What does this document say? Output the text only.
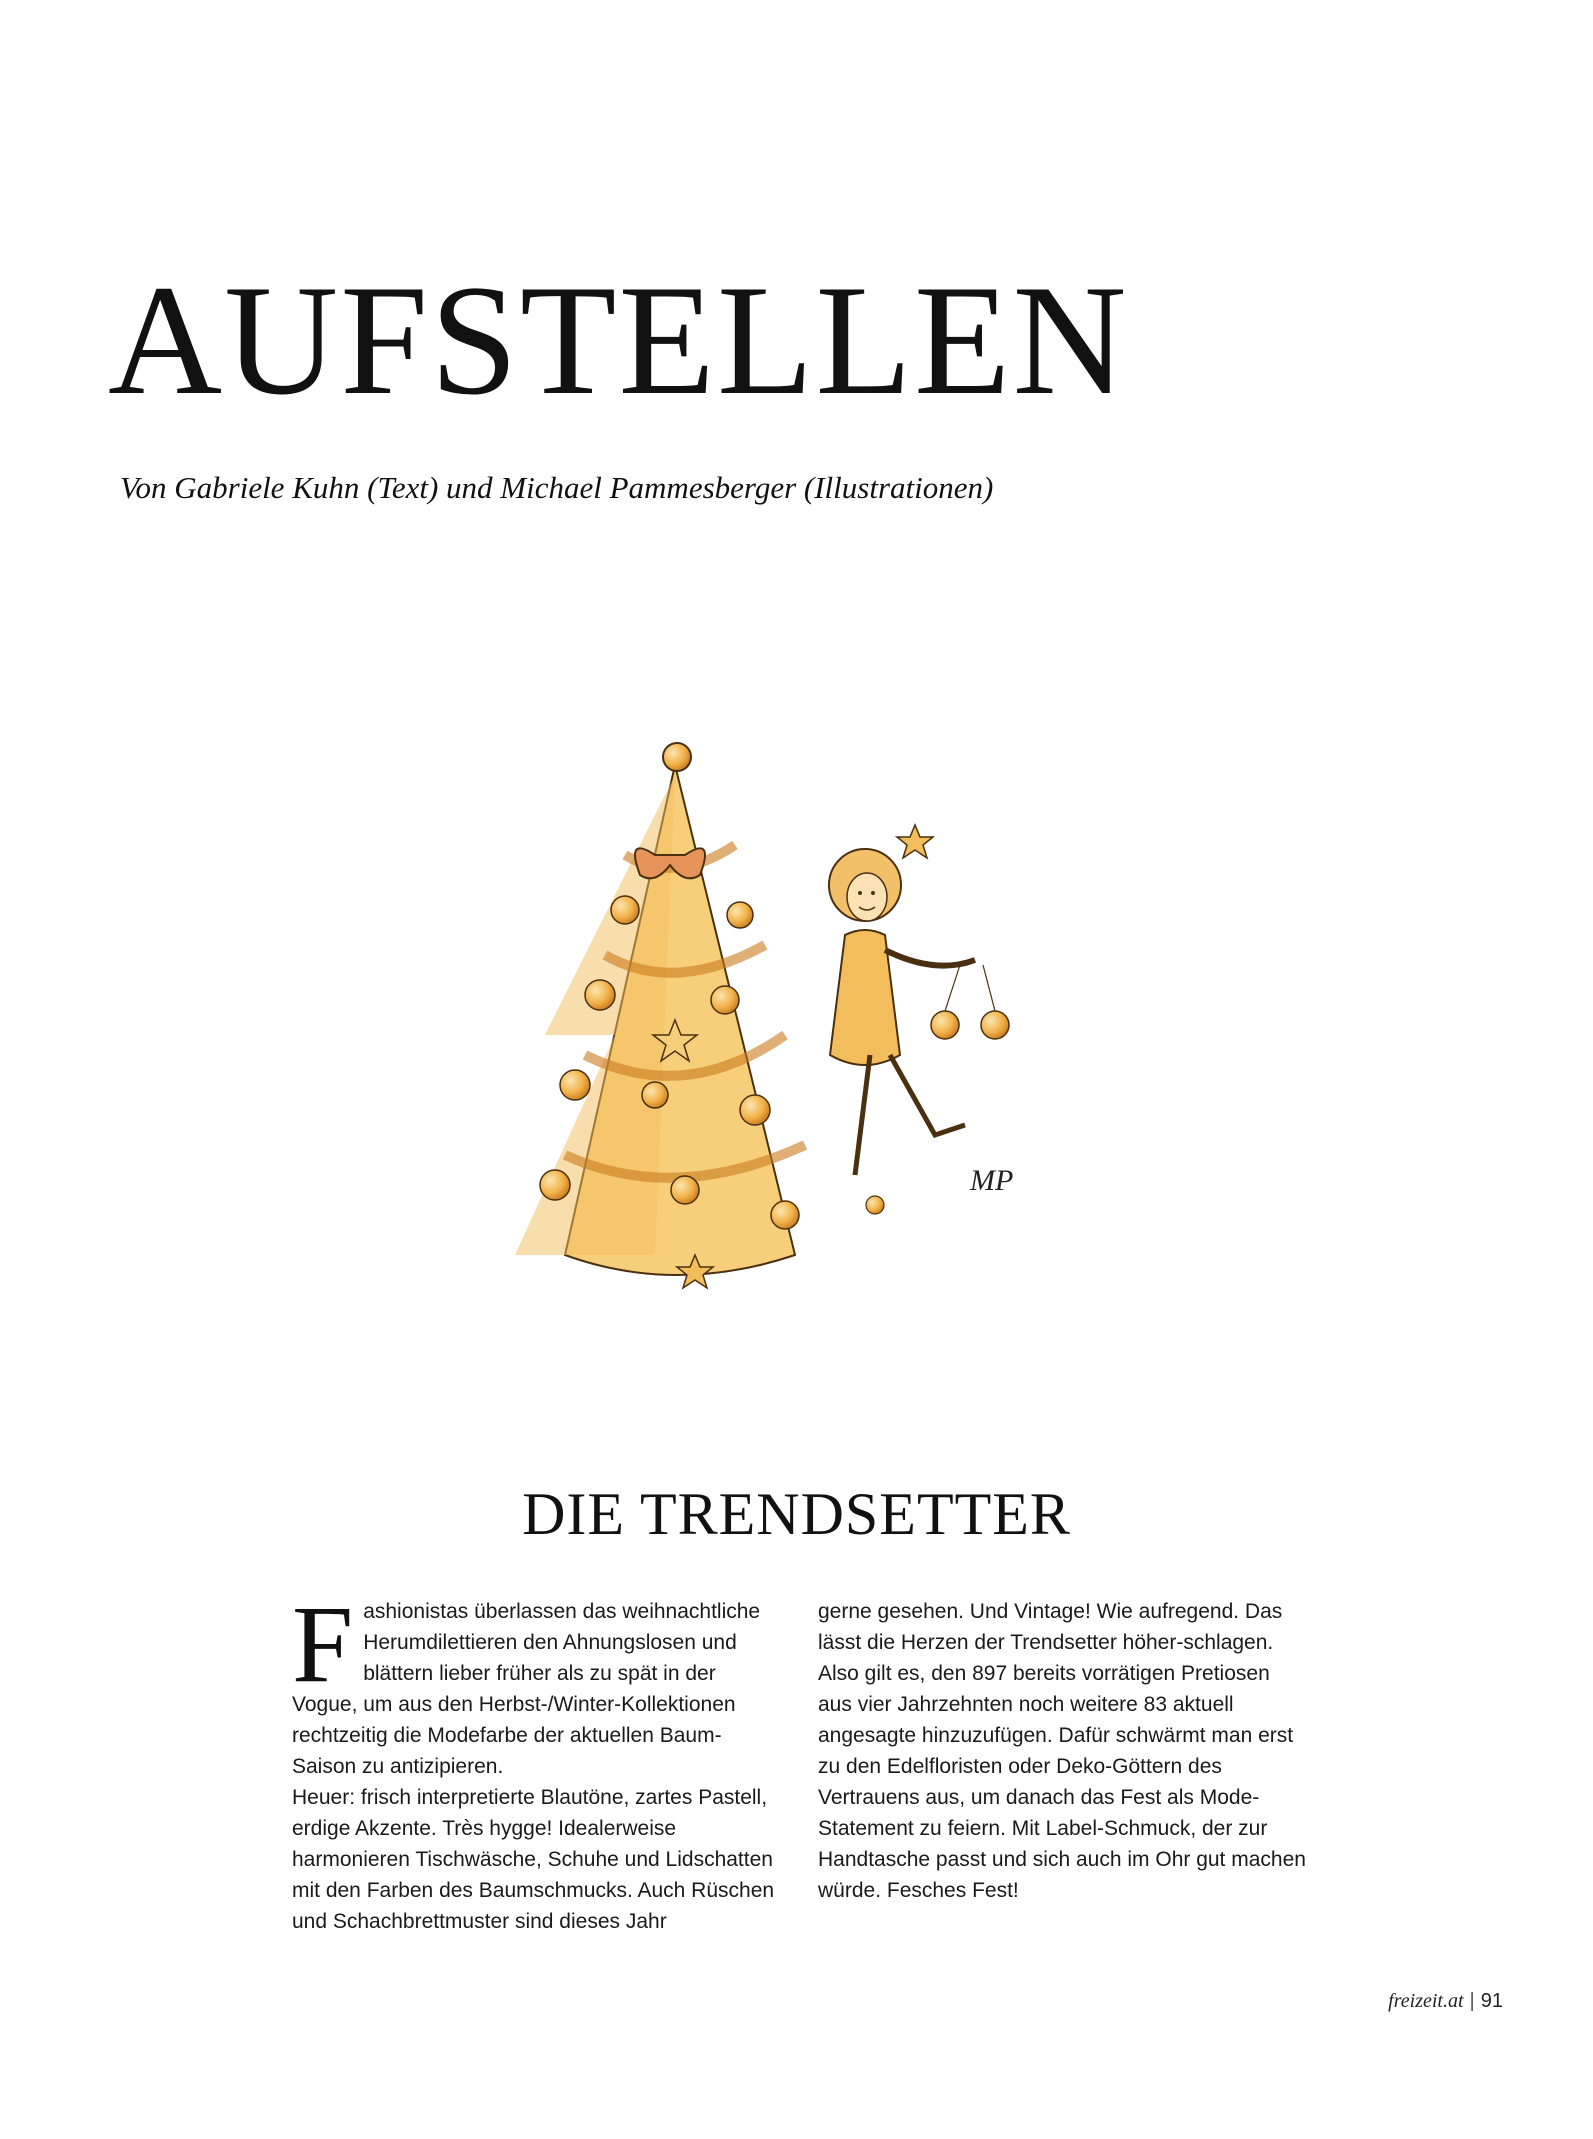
AUFSTELLEN

Von Gabriele Kuhn (Text) und Michael Pammesberger (Illustrationen)

MP
DIE TRENDSETTER

Fashionistas überlassen das weihnachtliche Herumdilettieren den Ahnungslosen und blättern lieber früher als zu spät in der Vogue, um aus den Herbst-/Winter-Kollektionen rechtzeitig die Modefarbe der aktuellen Baum-Saison zu antizipieren.

Heuer: frisch interpretierte Blautöne, zartes Pastell, erdige Akzente. Très hygge! Idealerweise harmonieren Tischwäsche, Schuhe und Lidschatten mit den Farben des Baumschmucks. Auch Rüschen und Schachbrettmuster sind dieses Jahr

gerne gesehen. Und Vintage! Wie aufregend. Das lässt die Herzen der Trendsetter höher-schlagen.

Also gilt es, den 897 bereits vorrätigen Pretiosen aus vier Jahrzehnten noch weitere 83 aktuell angesagte hinzuzufügen. Dafür schwärmt man erst zu den Edelfloristen oder Deko-Göttern des Vertrauens aus, um danach das Fest als Mode-Statement zu feiern. Mit Label-Schmuck, der zur Handtasche passt und sich auch im Ohr gut machen würde. Fesches Fest!

freizeit.at | 91
